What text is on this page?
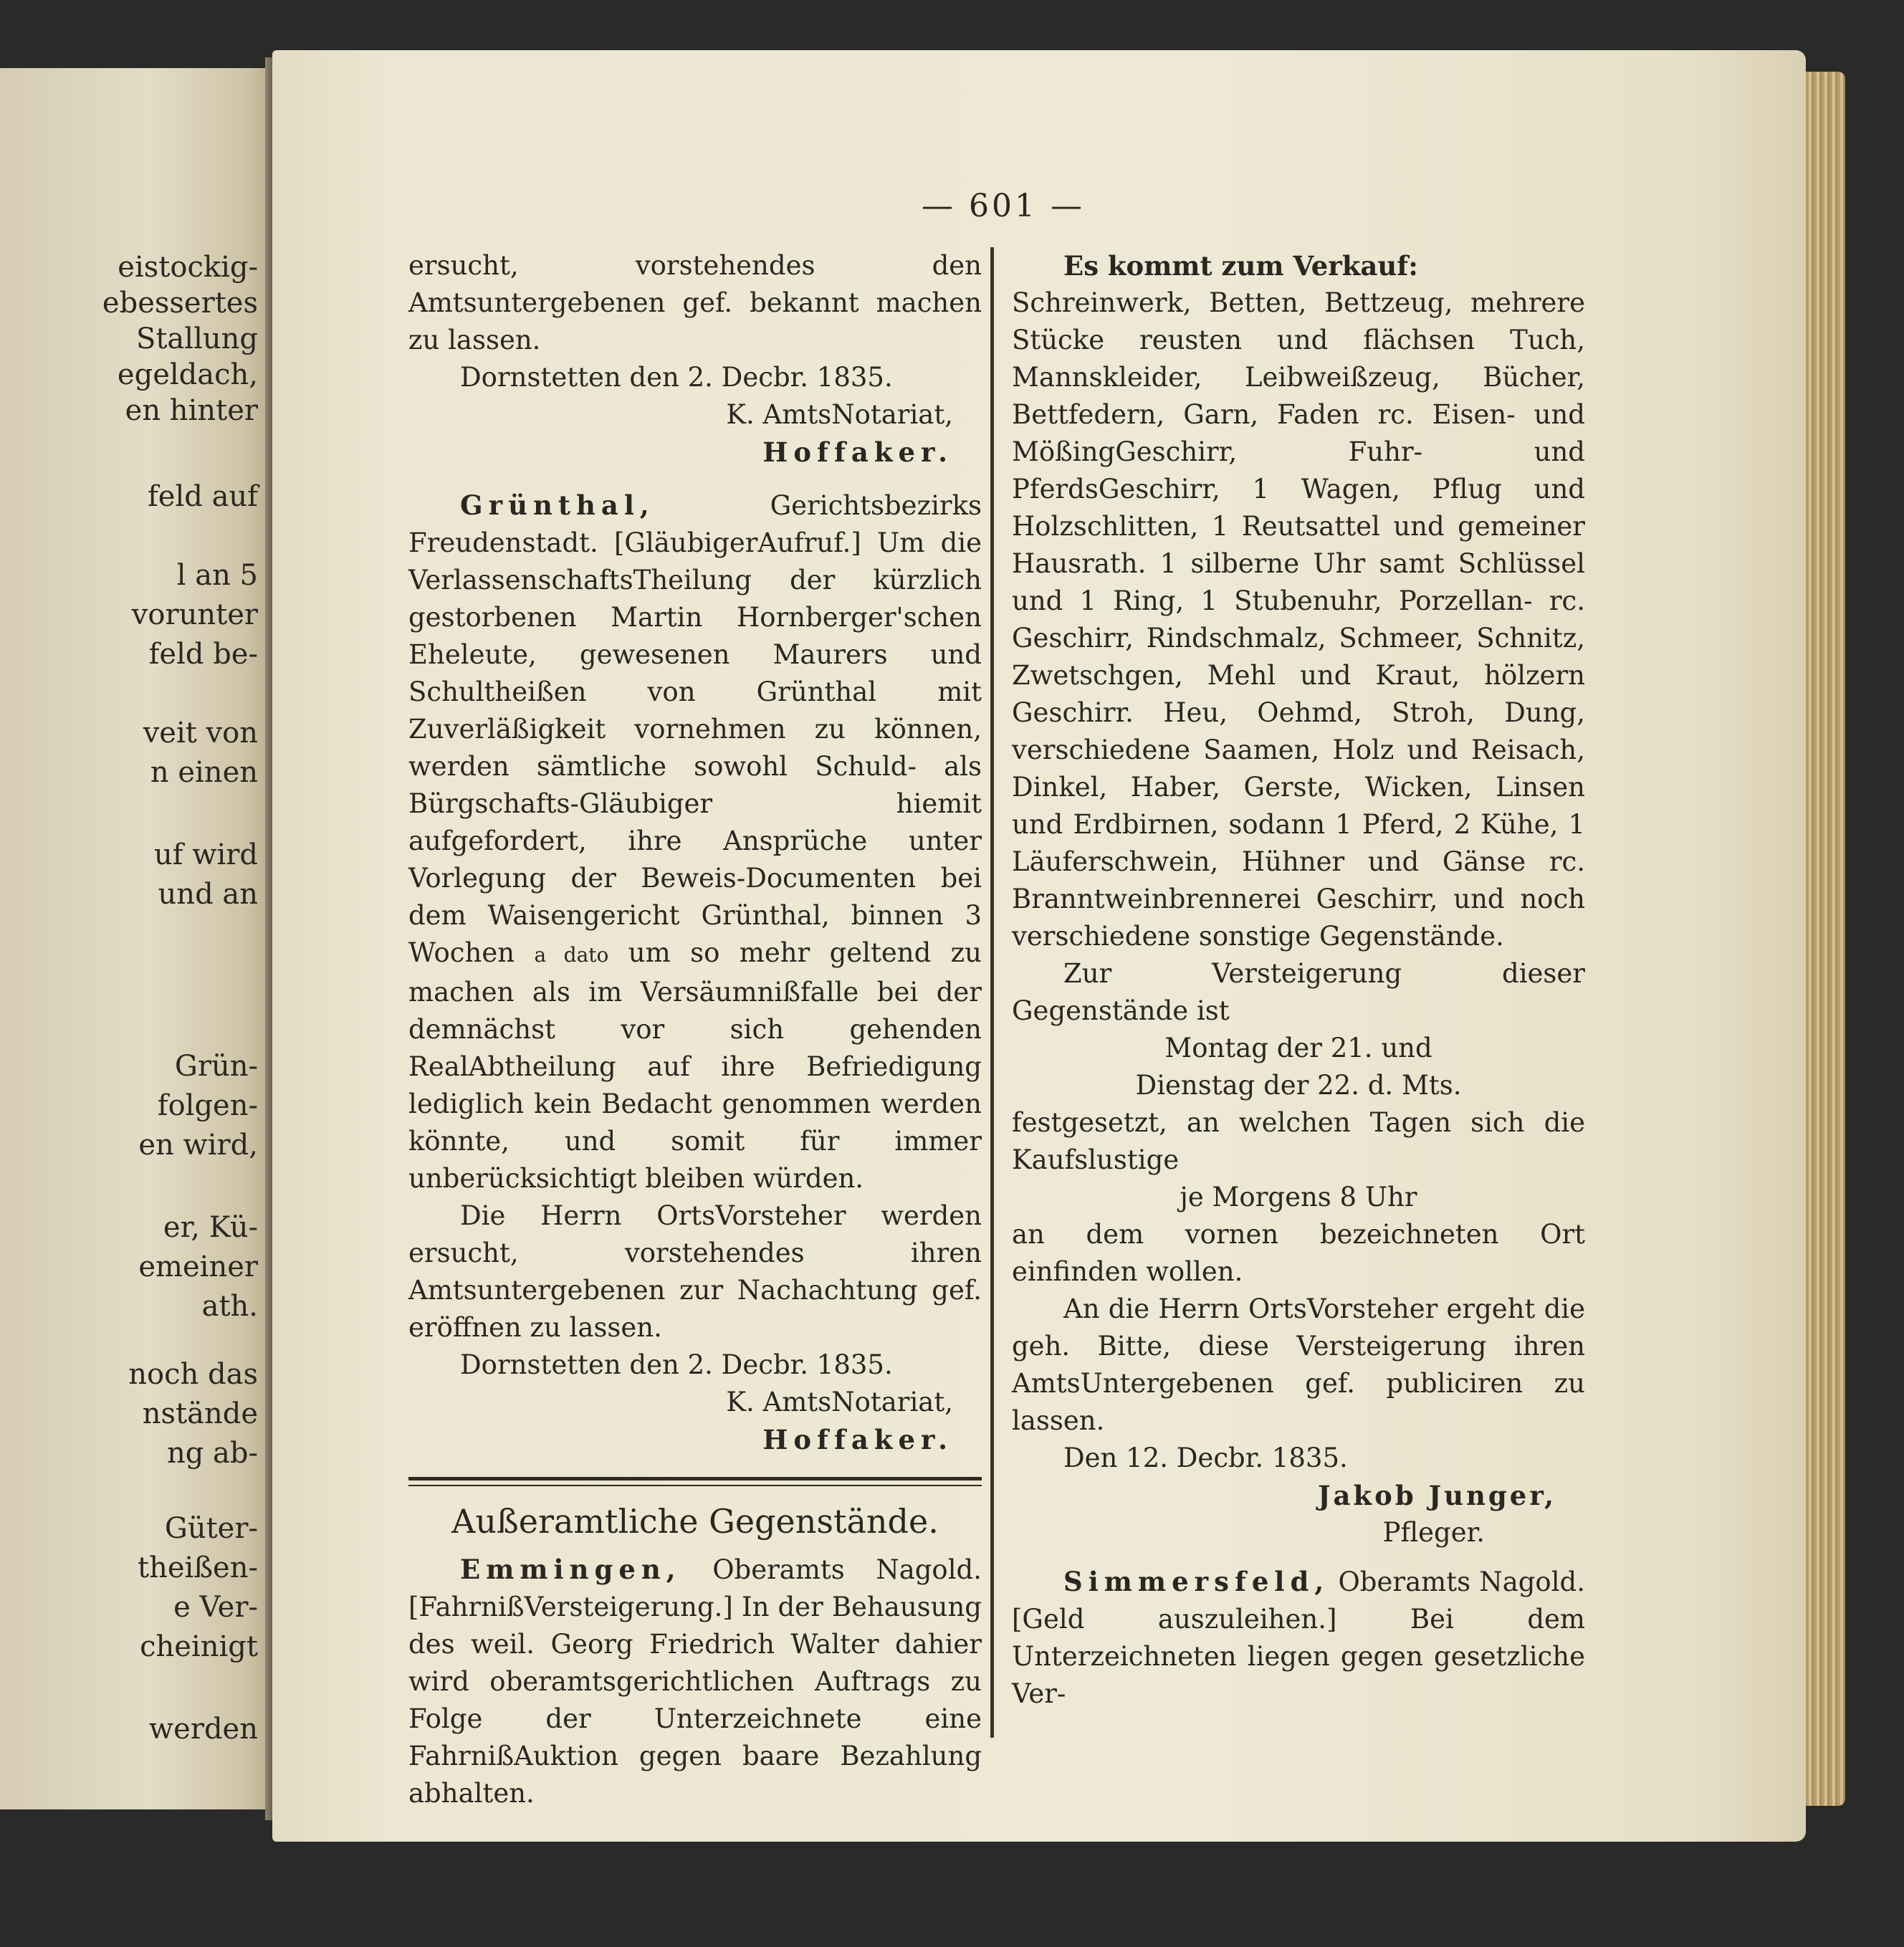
eistockig-
ebessertes
Stallung
egeldach,
en hinter
feld auf
l an 5
vorunter
feld be-
veit von
n einen
uf wird
und an
Grün-
folgen-
en wird,
er, Kü-
emeiner
ath.
noch das
nstände
ng ab-
Güter-
theißen-
e Ver-
cheinigt
werden
— 601 —

ersucht, vorstehendes den Amtsuntergebenen gef. bekannt machen zu lassen.

Dornstetten den 2. Decbr. 1835.

K. AmtsNotariat,

Hoffaker.

Grünthal,	Gerichtsbezirks Freudenstadt. [GläubigerAufruf.] Um die VerlassenschaftsTheilung der kürzlich gestorbenen Martin Hornberger'schen Eheleute, gewesenen Maurers und Schultheißen von Grünthal mit Zuverläßigkeit vornehmen zu können, werden sämtliche sowohl Schuld- als Bürgschafts-Gläubiger hiemit aufgefordert, ihre Ansprüche unter Vorlegung der Beweis-Documenten bei dem Waisengericht Grünthal, binnen 3 Wochen a dato um so mehr geltend zu machen als im Versäumnißfalle bei der demnächst vor sich gehenden RealAbtheilung auf ihre Befriedigung lediglich kein Bedacht genommen werden könnte, und somit für immer unberücksichtigt bleiben würden.

Die Herrn OrtsVorsteher werden ersucht, vorstehendes ihren Amtsuntergebenen zur Nachachtung gef. eröffnen zu lassen.

Dornstetten den 2. Decbr. 1835.

K. AmtsNotariat,

Hoffaker.

Außeramtliche Gegenstände.

Emmingen, Oberamts Nagold. [FahrnißVersteigerung.] In der Behausung des weil. Georg Friedrich Walter dahier wird oberamtsgerichtlichen Auftrags zu Folge der Unterzeichnete eine FahrnißAuktion gegen baare Bezahlung abhalten.

Es kommt zum Verkauf:

Schreinwerk, Betten, Bettzeug, mehrere Stücke reusten und flächsen Tuch, Mannskleider, Leibweißzeug, Bücher, Bettfedern, Garn, Faden rc. Eisen- und MößingGeschirr, Fuhr- und PferdsGeschirr, 1 Wagen, Pflug und Holzschlitten, 1 Reutsattel und gemeiner Hausrath. 1 silberne Uhr samt Schlüssel und 1 Ring, 1 Stubenuhr, Porzellan- rc. Geschirr, Rindschmalz, Schmeer, Schnitz, Zwetschgen, Mehl und Kraut, hölzern Geschirr. Heu, Oehmd, Stroh, Dung, verschiedene Saamen, Holz und Reisach, Dinkel, Haber, Gerste, Wicken, Linsen und Erdbirnen, sodann 1 Pferd, 2 Kühe, 1 Läuferschwein, Hühner und Gänse rc. Branntweinbrennerei Geschirr, und noch verschiedene sonstige Gegenstände.

Zur Versteigerung dieser Gegenstände ist

Montag der 21. und

Dienstag der 22. d. Mts.

festgesetzt, an welchen Tagen sich die Kaufslustige

je Morgens 8 Uhr

an dem vornen bezeichneten Ort einfinden wollen.

An die Herrn OrtsVorsteher ergeht die geh. Bitte, diese Versteigerung ihren AmtsUntergebenen gef. publiciren zu lassen.

Den 12. Decbr. 1835.

Jakob Junger,

Pfleger.

Simmersfeld, Oberamts Nagold. [Geld auszuleihen.] Bei dem Unterzeichneten liegen gegen gesetzliche Ver-
